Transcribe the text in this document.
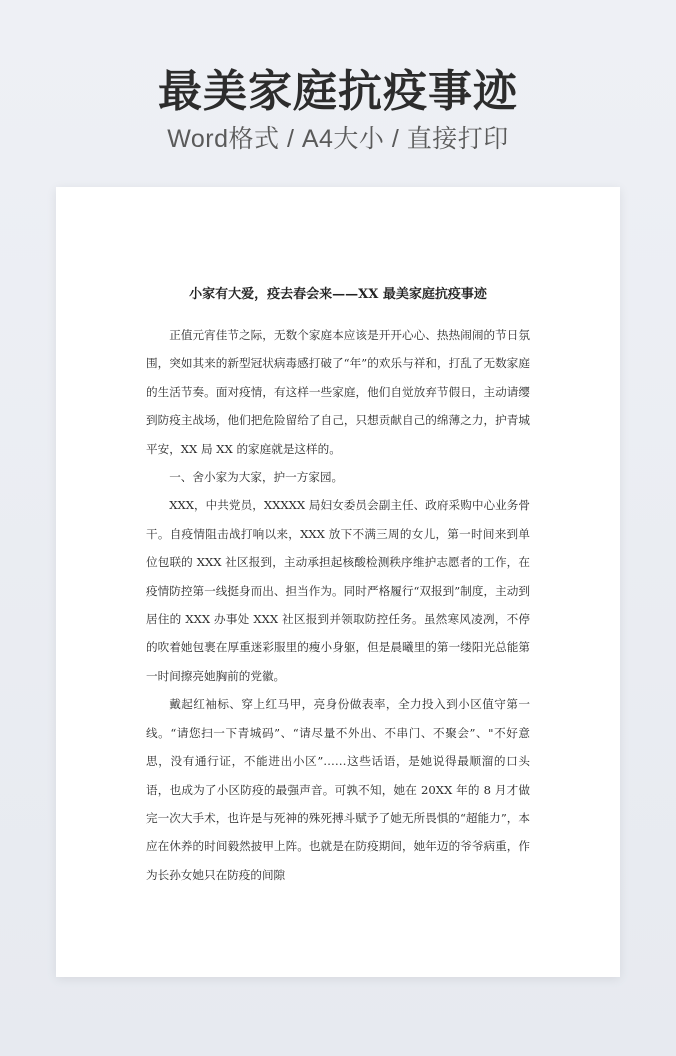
最美家庭抗疫事迹
Word格式 / A4大小 / 直接打印
小家有大爱，疫去春会来——XX 最美家庭抗疫事迹

正值元宵佳节之际，无数个家庭本应该是开开心心、热热闹闹的节日氛围，突如其来的新型冠状病毒感打破了“年”的欢乐与祥和，打乱了无数家庭的生活节奏。面对疫情，有这样一些家庭，他们自觉放弃节假日，主动请缨到防疫主战场，他们把危险留给了自己，只想贡献自己的绵薄之力，护青城平安，XX 局 XX 的家庭就是这样的。

一、舍小家为大家，护一方家园。

XXX，中共党员，XXXXX 局妇女委员会副主任、政府采购中心业务骨干。自疫情阻击战打响以来，XXX 放下不满三周的女儿，第一时间来到单位包联的 XXX 社区报到，主动承担起核酸检测秩序维护志愿者的工作，在疫情防控第一线挺身而出、担当作为。同时严格履行“双报到”制度，主动到居住的 XXX 办事处 XXX 社区报到并领取防控任务。虽然寒风凌冽，不停的吹着她包裹在厚重迷彩服里的瘦小身躯，但是晨曦里的第一缕阳光总能第一时间擦亮她胸前的党徽。

戴起红袖标、穿上红马甲，亮身份做表率，全力投入到小区值守第一线。“请您扫一下青城码”、“请尽量不外出、不串门、不聚会”、"不好意思，没有通行证，不能进出小区”……这些话语，是她说得最顺溜的口头语，也成为了小区防疫的最强声音。可孰不知，她在 20XX 年的 8 月才做完一次大手术，也许是与死神的殊死搏斗赋予了她无所畏惧的“超能力”，本应在休养的时间毅然披甲上阵。也就是在防疫期间，她年迈的爷爷病重，作为长孙女她只在防疫的间隙
